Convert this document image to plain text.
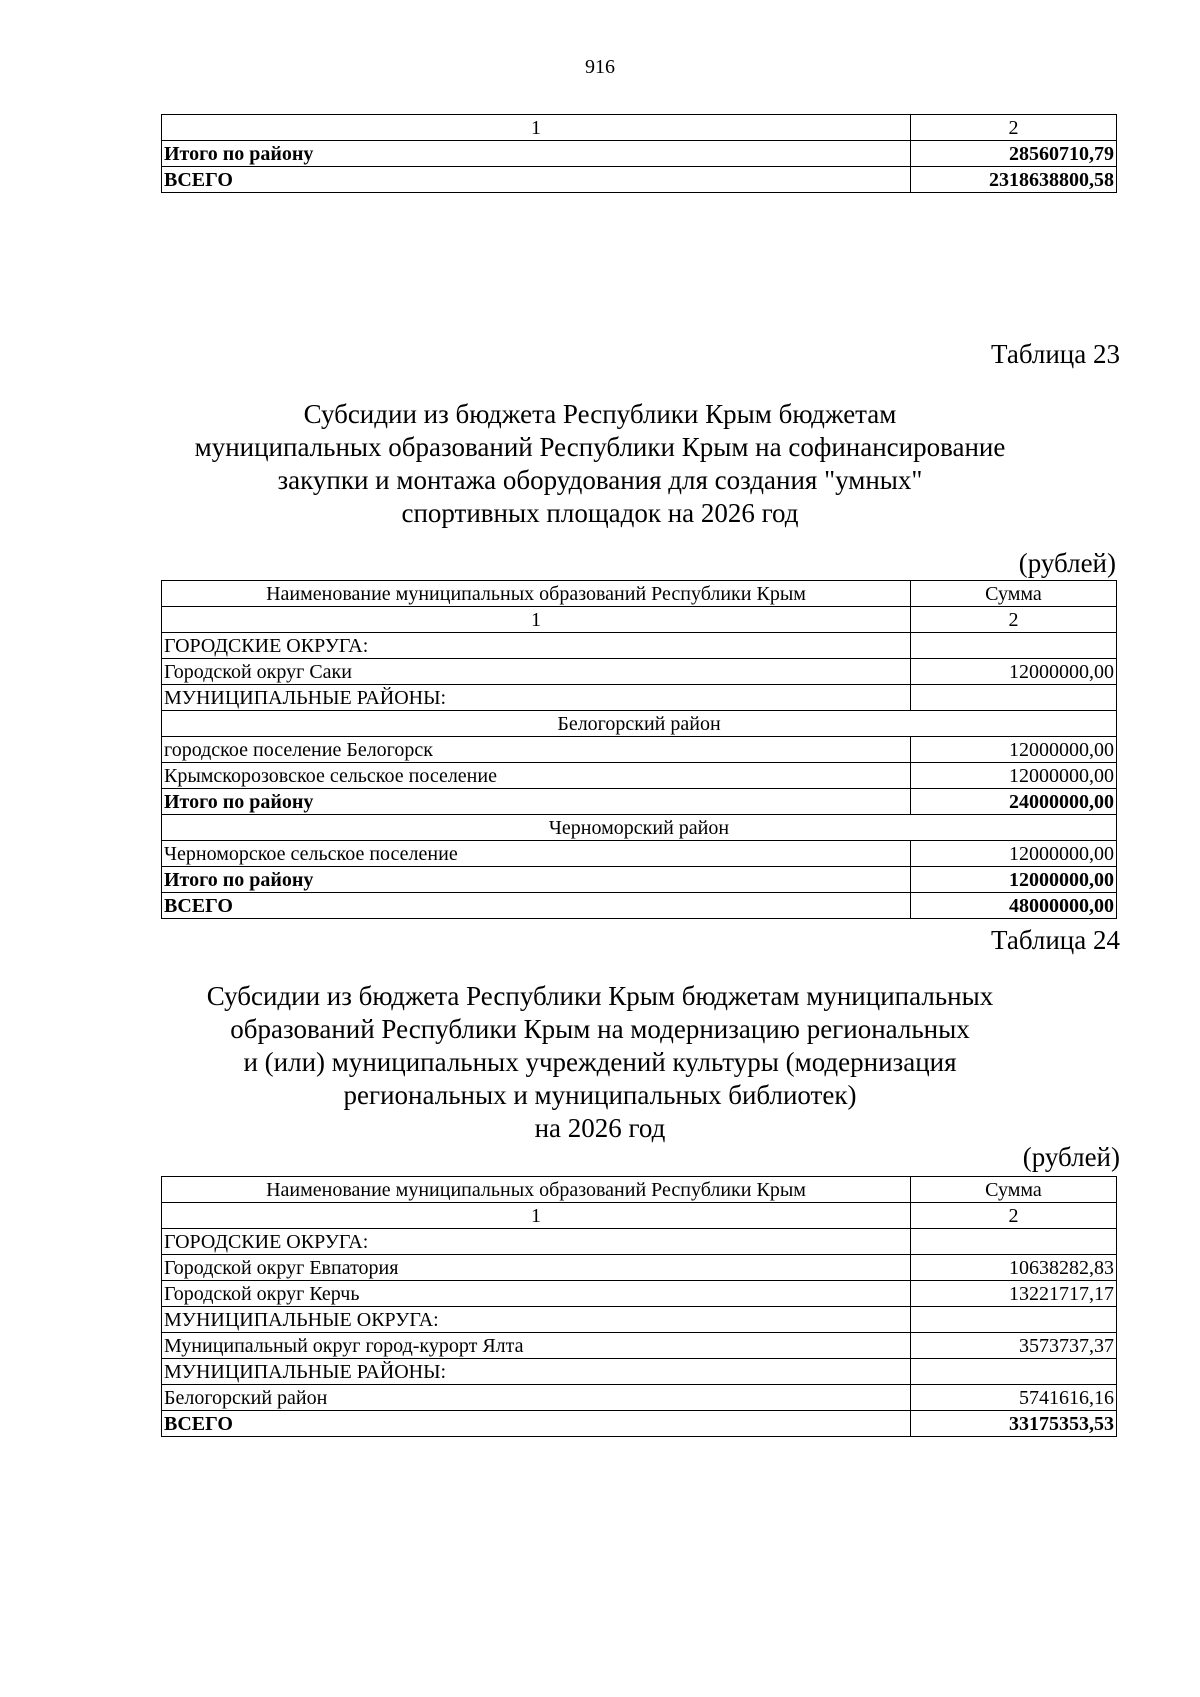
916
1	2
Итого по району	28560710,79
ВСЕГО	2318638800,58
Таблица 23
Субсидии из бюджета Республики Крым бюджетам
муниципальных образований Республики Крым на софинансирование
закупки и монтажа оборудования для создания "умных"
спортивных площадок на 2026 год
(рублей)
Наименование муниципальных образований Республики Крым	Сумма
1	2
ГОРОДСКИЕ ОКРУГА:	
Городской округ Саки	12000000,00
МУНИЦИПАЛЬНЫЕ РАЙОНЫ:	
Белогорский район	
городское поселение Белогорск	12000000,00
Крымскорозовское сельское поселение	12000000,00
Итого по району	24000000,00
Черноморский район	
Черноморское сельское поселение	12000000,00
Итого по району	12000000,00
ВСЕГО	48000000,00
Таблица 24
Субсидии из бюджета Республики Крым бюджетам муниципальных
образований Республики Крым на модернизацию региональных
и (или) муниципальных учреждений культуры (модернизация
региональных и муниципальных библиотек)
на 2026 год
(рублей)
Наименование муниципальных образований Республики Крым	Сумма
1	2
ГОРОДСКИЕ ОКРУГА:	
Городской округ Евпатория	10638282,83
Городской округ Керчь	13221717,17
МУНИЦИПАЛЬНЫЕ ОКРУГА:	
Муниципальный округ город-курорт Ялта	3573737,37
МУНИЦИПАЛЬНЫЕ РАЙОНЫ:	
Белогорский район	5741616,16
ВСЕГО	33175353,53
